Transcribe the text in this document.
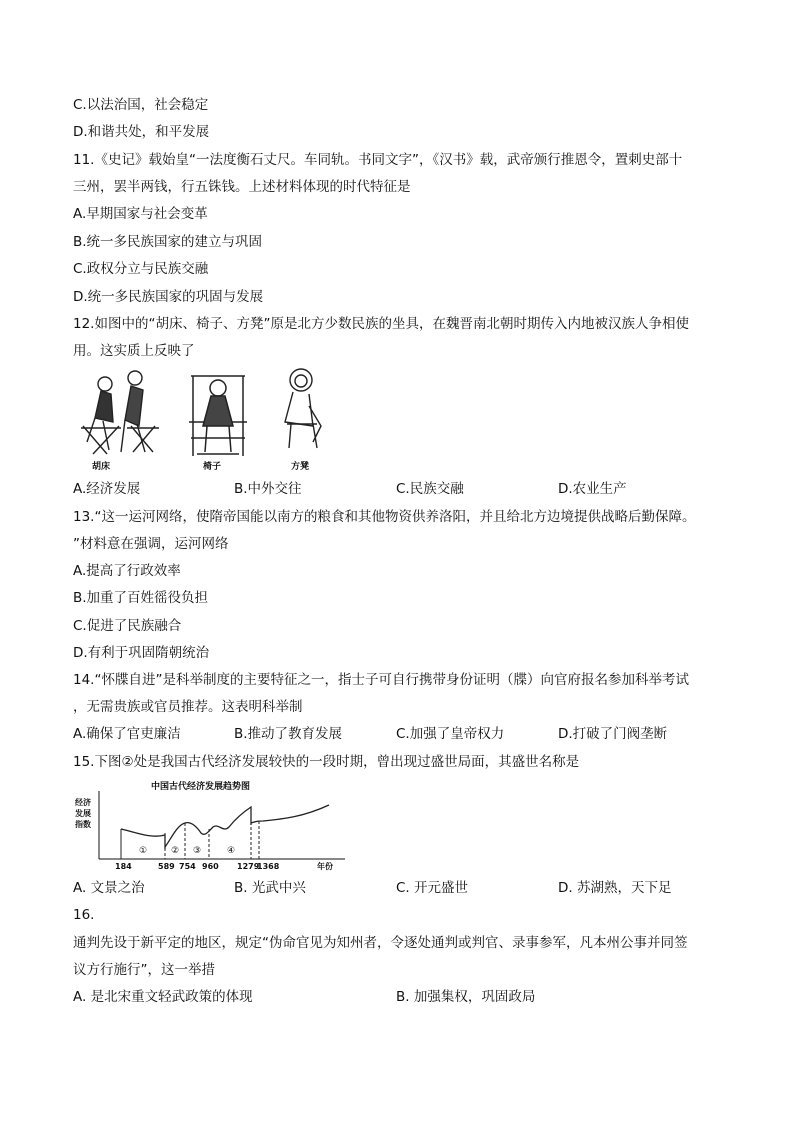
C.以法治国，社会稳定
D.和谐共处，和平发展
11.《史记》载始皇“一法度衡石丈尺。车同轨。书同文字”，《汉书》载，武帝颁行推恩令，置刺史部十
三州，罢半两钱，行五铢钱。上述材料体现的时代特征是
A.早期国家与社会变革
B.统一多民族国家的建立与巩固
C.政权分立与民族交融
D.统一多民族国家的巩固与发展
12.如图中的“胡床、椅子、方凳”原是北方少数民族的坐具，在魏晋南北朝时期传入内地被汉族人争相使
用。这实质上反映了
胡床	椅子	方凳
A.经济发展	B.中外交往	C.民族交融	D.农业生产
13.“这一运河网络，使隋帝国能以南方的粮食和其他物资供养洛阳，并且给北方边境提供战略后勤保障。
”材料意在强调，运河网络
A.提高了行政效率
B.加重了百姓徭役负担
C.促进了民族融合
D.有利于巩固隋朝统治
14.“怀牒自进”是科举制度的主要特征之一，指士子可自行携带身份证明（牒）向官府报名参加科举考试
，无需贵族或官员推荐。这表明科举制
A.确保了官吏廉洁	B.推动了教育发展	C.加强了皇帝权力	D.打破了门阀垄断
15.下图②处是我国古代经济发展较快的一段时期，曾出现过盛世局面，其盛世名称是
中国古代经济发展趋势图
经济
发展
指数
①	② ③	④
184	589 754 960 1279
1368	年份
A. 文景之治	B. 光武中兴	C. 开元盛世	D. 苏湖熟，天下足
16.
通判先设于新平定的地区，规定“伪命官见为知州者，令逐处通判或判官、录事参军，凡本州公事并同签
议方行施行”，这一举措
A. 是北宋重文轻武政策的体现	B. 加强集权，巩固政局
